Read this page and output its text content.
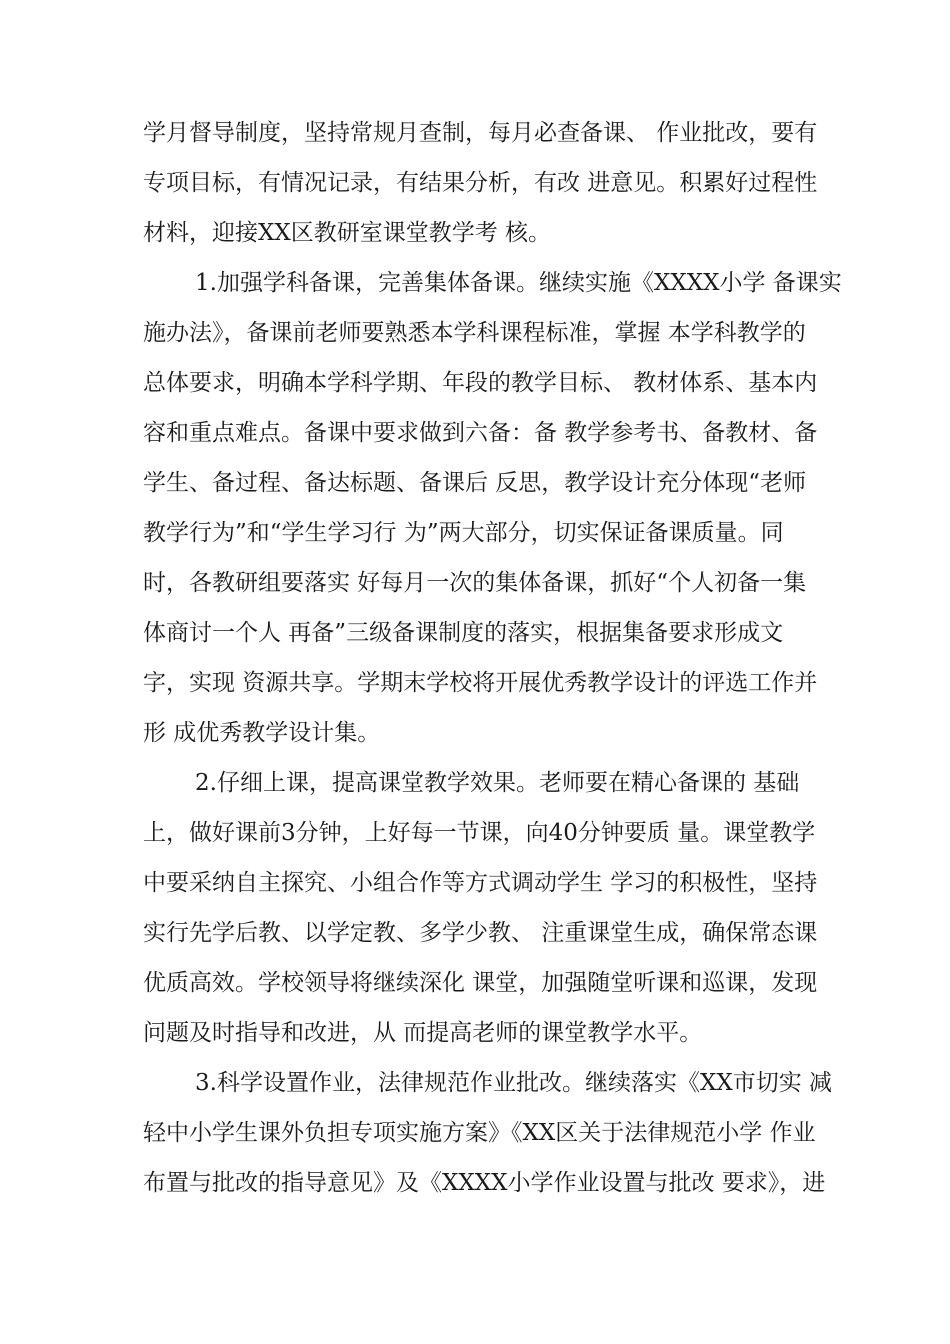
学月督导制度，坚持常规月查制，每月必查备课、 作业批改，要有
专项目标，有情况记录，有结果分析，有改 进意见。积累好过程性
材料，迎接XX区教研室课堂教学考 核。
1.加强学科备课，完善集体备课。继续实施《XXXX小学 备课实
施办法》，备课前老师要熟悉本学科课程标准，掌握 本学科教学的
总体要求，明确本学科学期、年段的教学目标、 教材体系、基本内
容和重点难点。备课中要求做到六备：备 教学参考书、备教材、备
学生、备过程、备达标题、备课后 反思，教学设计充分体现“老师
教学行为”和“学生学习行 为”两大部分，切实保证备课质量。同
时，各教研组要落实 好每月一次的集体备课，抓好“个人初备一集
体商讨一个人 再备”三级备课制度的落实，根据集备要求形成文
字，实现 资源共享。学期末学校将开展优秀教学设计的评选工作并
形 成优秀教学设计集。
2.仔细上课，提高课堂教学效果。老师要在精心备课的 基础
上，做好课前3分钟，上好每一节课，向40分钟要质 量。课堂教学
中要采纳自主探究、小组合作等方式调动学生 学习的积极性，坚持
实行先学后教、以学定教、多学少教、 注重课堂生成，确保常态课
优质高效。学校领导将继续深化 课堂，加强随堂听课和巡课，发现
问题及时指导和改进，从 而提高老师的课堂教学水平。
3.科学设置作业，法律规范作业批改。继续落实《XX市切实 减
轻中小学生课外负担专项实施方案》《XX区关于法律规范小学 作业
布置与批改的指导意见》及《XXXX小学作业设置与批改 要求》，进
